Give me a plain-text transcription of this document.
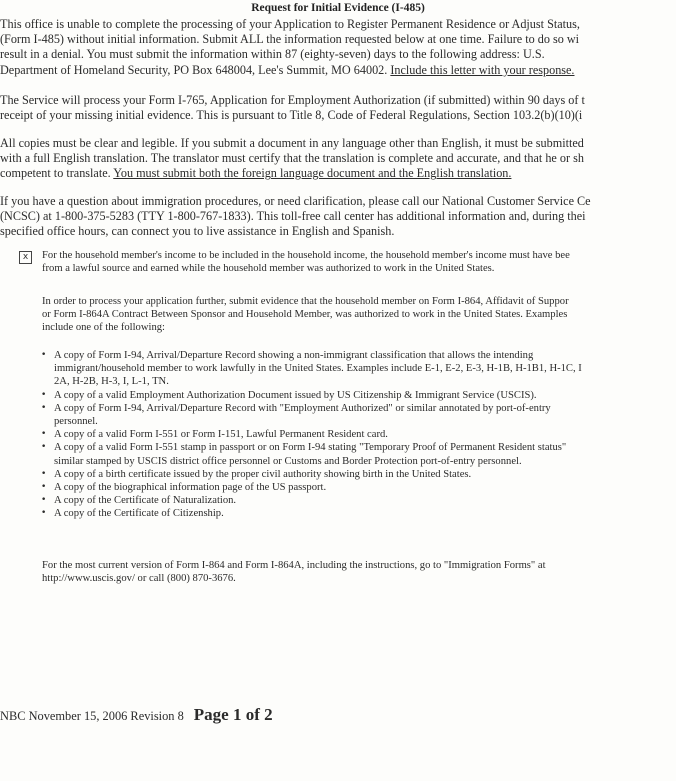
Request for Initial Evidence (I-485)
This office is unable to complete the processing of your Application to Register Permanent Residence or Adjust Status,
(Form I-485) without initial information. Submit ALL the information requested below at one time. Failure to do so wi
result in a denial. You must submit the information within 87 (eighty-seven) days to the following address: U.S.
Department of Homeland Security, PO Box 648004, Lee's Summit, MO 64002. Include this letter with your response.
The Service will process your Form I-765, Application for Employment Authorization (if submitted) within 90 days of t
receipt of your missing initial evidence. This is pursuant to Title 8, Code of Federal Regulations, Section 103.2(b)(10)(i
All copies must be clear and legible. If you submit a document in any language other than English, it must be submitted
with a full English translation. The translator must certify that the translation is complete and accurate, and that he or sh
competent to translate. You must submit both the foreign language document and the English translation.
If you have a question about immigration procedures, or need clarification, please call our National Customer Service Ce
(NCSC) at 1-800-375-5283 (TTY 1-800-767-1833). This toll-free call center has additional information and, during thei
specified office hours, can connect you to live assistance in English and Spanish.
x	For the household member's income to be included in the household income, the household member's income must have bee
from a lawful source and earned while the household member was authorized to work in the United States.
In order to process your application further, submit evidence that the household member on Form I-864, Affidavit of Suppor
or Form I-864A Contract Between Sponsor and Household Member, was authorized to work in the United States. Examples
include one of the following:
• A copy of Form I-94, Arrival/Departure Record showing a non-immigrant classification that allows the intending
immigrant/household member to work lawfully in the United States. Examples include E-1, E-2, E-3, H-1B, H-1B1, H-1C, I
2A, H-2B, H-3, I, L-1, TN.
• A copy of a valid Employment Authorization Document issued by US Citizenship & Immigrant Service (USCIS).
• A copy of Form I-94, Arrival/Departure Record with "Employment Authorized" or similar annotated by port-of-entry
personnel.
• A copy of a valid Form I-551 or Form I-151, Lawful Permanent Resident card.
• A copy of a valid Form I-551 stamp in passport or on Form I-94 stating "Temporary Proof of Permanent Resident status"
similar stamped by USCIS district office personnel or Customs and Border Protection port-of-entry personnel.
• A copy of a birth certificate issued by the proper civil authority showing birth in the United States.
• A copy of the biographical information page of the US passport.
• A copy of the Certificate of Naturalization.
• A copy of the Certificate of Citizenship.
For the most current version of Form I-864 and Form I-864A, including the instructions, go to "Immigration Forms" at
http://www.uscis.gov/ or call (800) 870-3676.
NBC November 15, 2006 Revision 8 Page 1 of 2
